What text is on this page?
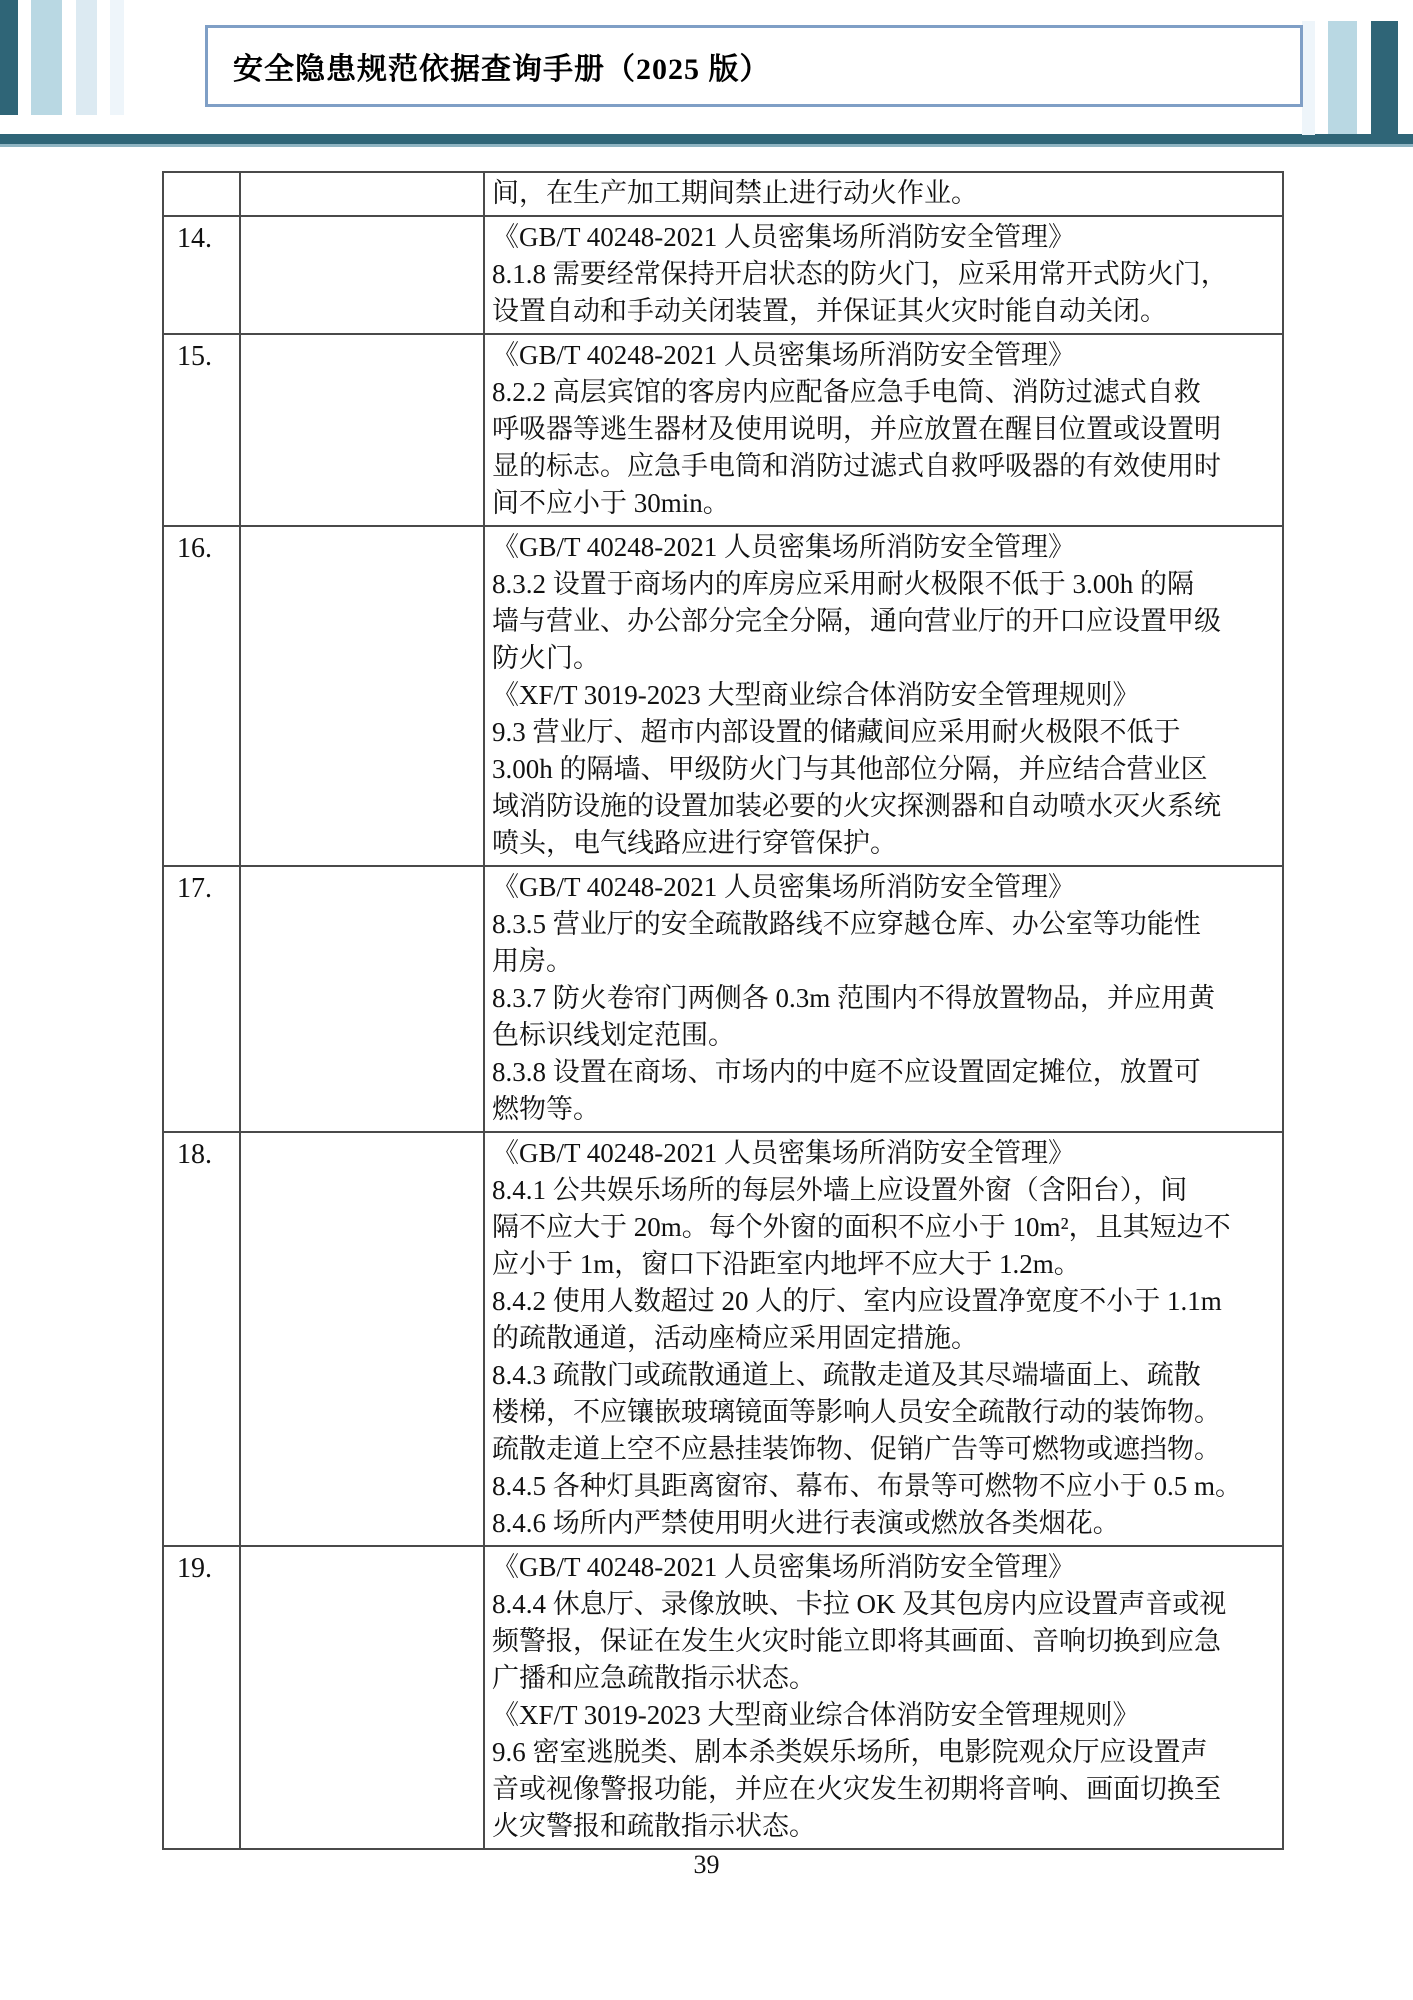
安全隐患规范依据查询手册（2025 版）
间，在生产加工期间禁止进行动火作业。
14.	《GB/T 40248-2021 人员密集场所消防安全管理》
8.1.8 需要经常保持开启状态的防火门，应采用常开式防火门，
设置自动和手动关闭装置，并保证其火灾时能自动关闭。
15.	《GB/T 40248-2021 人员密集场所消防安全管理》
8.2.2 高层宾馆的客房内应配备应急手电筒、消防过滤式自救
呼吸器等逃生器材及使用说明，并应放置在醒目位置或设置明
显的标志。应急手电筒和消防过滤式自救呼吸器的有效使用时
间不应小于 30min。
16.	《GB/T 40248-2021 人员密集场所消防安全管理》
8.3.2 设置于商场内的库房应采用耐火极限不低于 3.00h 的隔
墙与营业、办公部分完全分隔，通向营业厅的开口应设置甲级
防火门。
《XF/T 3019-2023 大型商业综合体消防安全管理规则》
9.3 营业厅、超市内部设置的储藏间应采用耐火极限不低于
3.00h 的隔墙、甲级防火门与其他部位分隔，并应结合营业区
域消防设施的设置加装必要的火灾探测器和自动喷水灭火系统
喷头，电气线路应进行穿管保护。
17.	《GB/T 40248-2021 人员密集场所消防安全管理》
8.3.5 营业厅的安全疏散路线不应穿越仓库、办公室等功能性
用房。
8.3.7 防火卷帘门两侧各 0.3m 范围内不得放置物品，并应用黄
色标识线划定范围。
8.3.8 设置在商场、市场内的中庭不应设置固定摊位，放置可
燃物等。
18.	《GB/T 40248-2021 人员密集场所消防安全管理》
8.4.1 公共娱乐场所的每层外墙上应设置外窗（含阳台），间
隔不应大于 20m。每个外窗的面积不应小于 10m²，且其短边不
应小于 1m，窗口下沿距室内地坪不应大于 1.2m。
8.4.2 使用人数超过 20 人的厅、室内应设置净宽度不小于 1.1m
的疏散通道，活动座椅应采用固定措施。
8.4.3 疏散门或疏散通道上、疏散走道及其尽端墙面上、疏散
楼梯，不应镶嵌玻璃镜面等影响人员安全疏散行动的装饰物。
疏散走道上空不应悬挂装饰物、促销广告等可燃物或遮挡物。
8.4.5 各种灯具距离窗帘、幕布、布景等可燃物不应小于 0.5 m。
8.4.6 场所内严禁使用明火进行表演或燃放各类烟花。
19.	《GB/T 40248-2021 人员密集场所消防安全管理》
8.4.4 休息厅、录像放映、卡拉 OK 及其包房内应设置声音或视
频警报，保证在发生火灾时能立即将其画面、音响切换到应急
广播和应急疏散指示状态。
《XF/T 3019-2023 大型商业综合体消防安全管理规则》
9.6 密室逃脱类、剧本杀类娱乐场所，电影院观众厅应设置声
音或视像警报功能，并应在火灾发生初期将音响、画面切换至
火灾警报和疏散指示状态。
39
